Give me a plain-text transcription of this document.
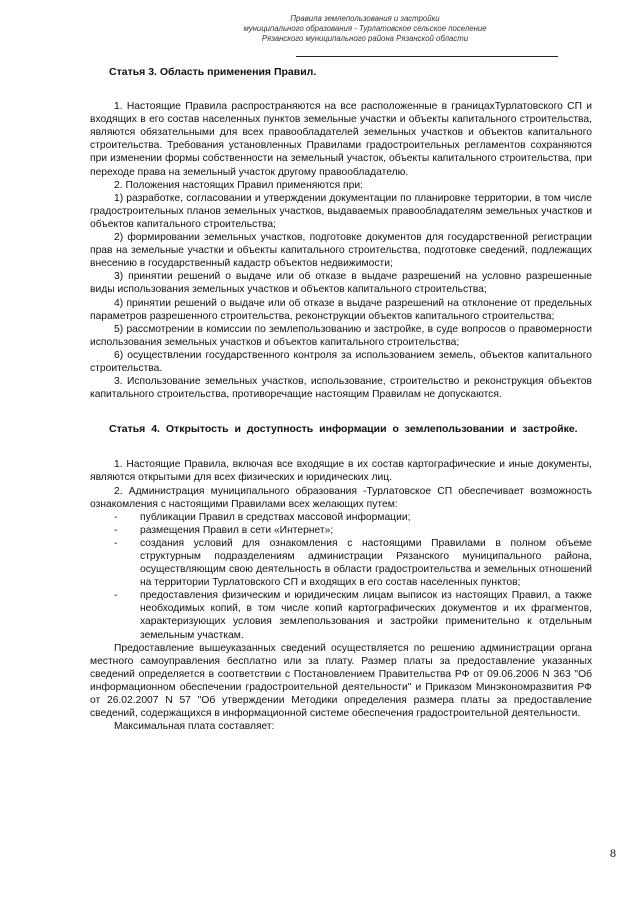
Правила землепользования и застройки
муниципального образования - Турлатовское сельское поселение
Рязанского муниципального района Рязанской области

Статья 3. Область применения Правил.

1. Настоящие Правила распространяются на все расположенные в границахТурлатовского СП и входящих в его состав населенных пунктов земельные участки и объекты капитального строительства, являются обязательными для всех правообладателей земельных участков и объектов капитального строительства. Требования установленных Правилами градостроительных регламентов сохраняются при изменении формы собственности на земельный участок, объекты капитального строительства, при переходе права на земельный участок другому правообладателю.

2. Положения настоящих Правил применяются при:

1) разработке, согласовании и утверждении документации по планировке территории, в том числе градостроительных планов земельных участков, выдаваемых правообладателям земельных участков и объектов капитального строительства;

2) формировании земельных участков, подготовке документов для государственной регистрации прав на земельные участки и объекты капитального строительства, подготовке сведений, подлежащих внесению в государственный кадастр объектов недвижимости;

3) принятии решений о выдаче или об отказе в выдаче разрешений на условно разрешенные виды использования земельных участков и объектов капитального строительства;

4) принятии решений о выдаче или об отказе в выдаче разрешений на отклонение от предельных параметров разрешенного строительства, реконструкции объектов капитального строительства;

5) рассмотрении в комиссии по землепользованию и застройке, в суде вопросов о правомерности использования земельных участков и объектов капитального строительства;

6) осуществлении государственного контроля за использованием земель, объектов капитального строительства.

3. Использование земельных участков, использование, строительство и реконструкция объектов капитального строительства, противоречащие настоящим Правилам не допускаются.

Статья 4. Открытость и доступность информации о землепользовании и застройке.

1. Настоящие Правила, включая все входящие в их состав картографические и иные документы, являются открытыми для всех физических и юридических лиц.

2. Администрация муниципального образования -Турлатовское СП обеспечивает возможность ознакомления с настоящими Правилами всех желающих путем:

- публикации Правил в средствах массовой информации;
- размещения Правил в сети «Интернет»;
- создания условий для ознакомления с настоящими Правилами в полном объеме структурным подразделениям администрации Рязанского муниципального района, осуществляющим свою деятельность в области градостроительства и земельных отношений на территории Турлатовского СП и входящих в его состав населенных пунктов;
- предоставления физическим и юридическим лицам выписок из настоящих Правил, а также необходимых копий, в том числе копий картографических документов и их фрагментов, характеризующих условия землепользования и застройки применительно к отдельным земельным участкам.

Предоставление вышеуказанных сведений осуществляется по решению администрации органа местного самоуправления бесплатно или за плату. Размер платы за предоставление указанных сведений определяется в соответствии с Постановлением Правительства РФ от 09.06.2006 N 363 "Об информационном обеспечении градостроительной деятельности" и Приказом Минэкономразвития РФ от 26.02.2007 N 57 "Об утверждении Методики определения размера платы за предоставление сведений, содержащихся в информационной системе обеспечения градостроительной деятельности.

Максимальная плата составляет:

8
